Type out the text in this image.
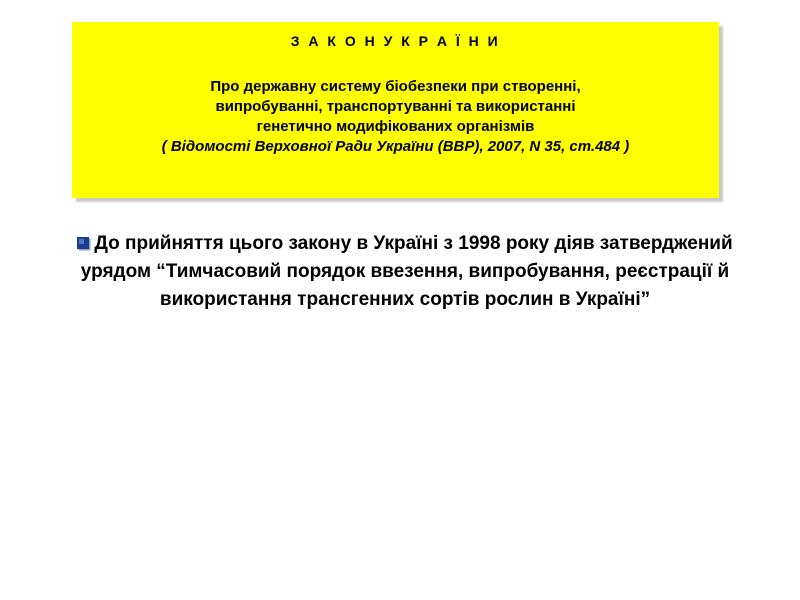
З А К О Н У К Р А Ї Н И
Про державну систему біобезпеки при створенні,
випробуванні, транспортуванні та використанні
генетично модифікованих організмів
( Відомості Верховної Ради України (ВВР), 2007, N 35, ст.484 )
До прийняття цього закону в Україні з 1998 року діяв затверджений
урядом “Тимчасовий порядок ввезення, випробування, реєстрації й
використання трансгенних сортів рослин в Україні”
